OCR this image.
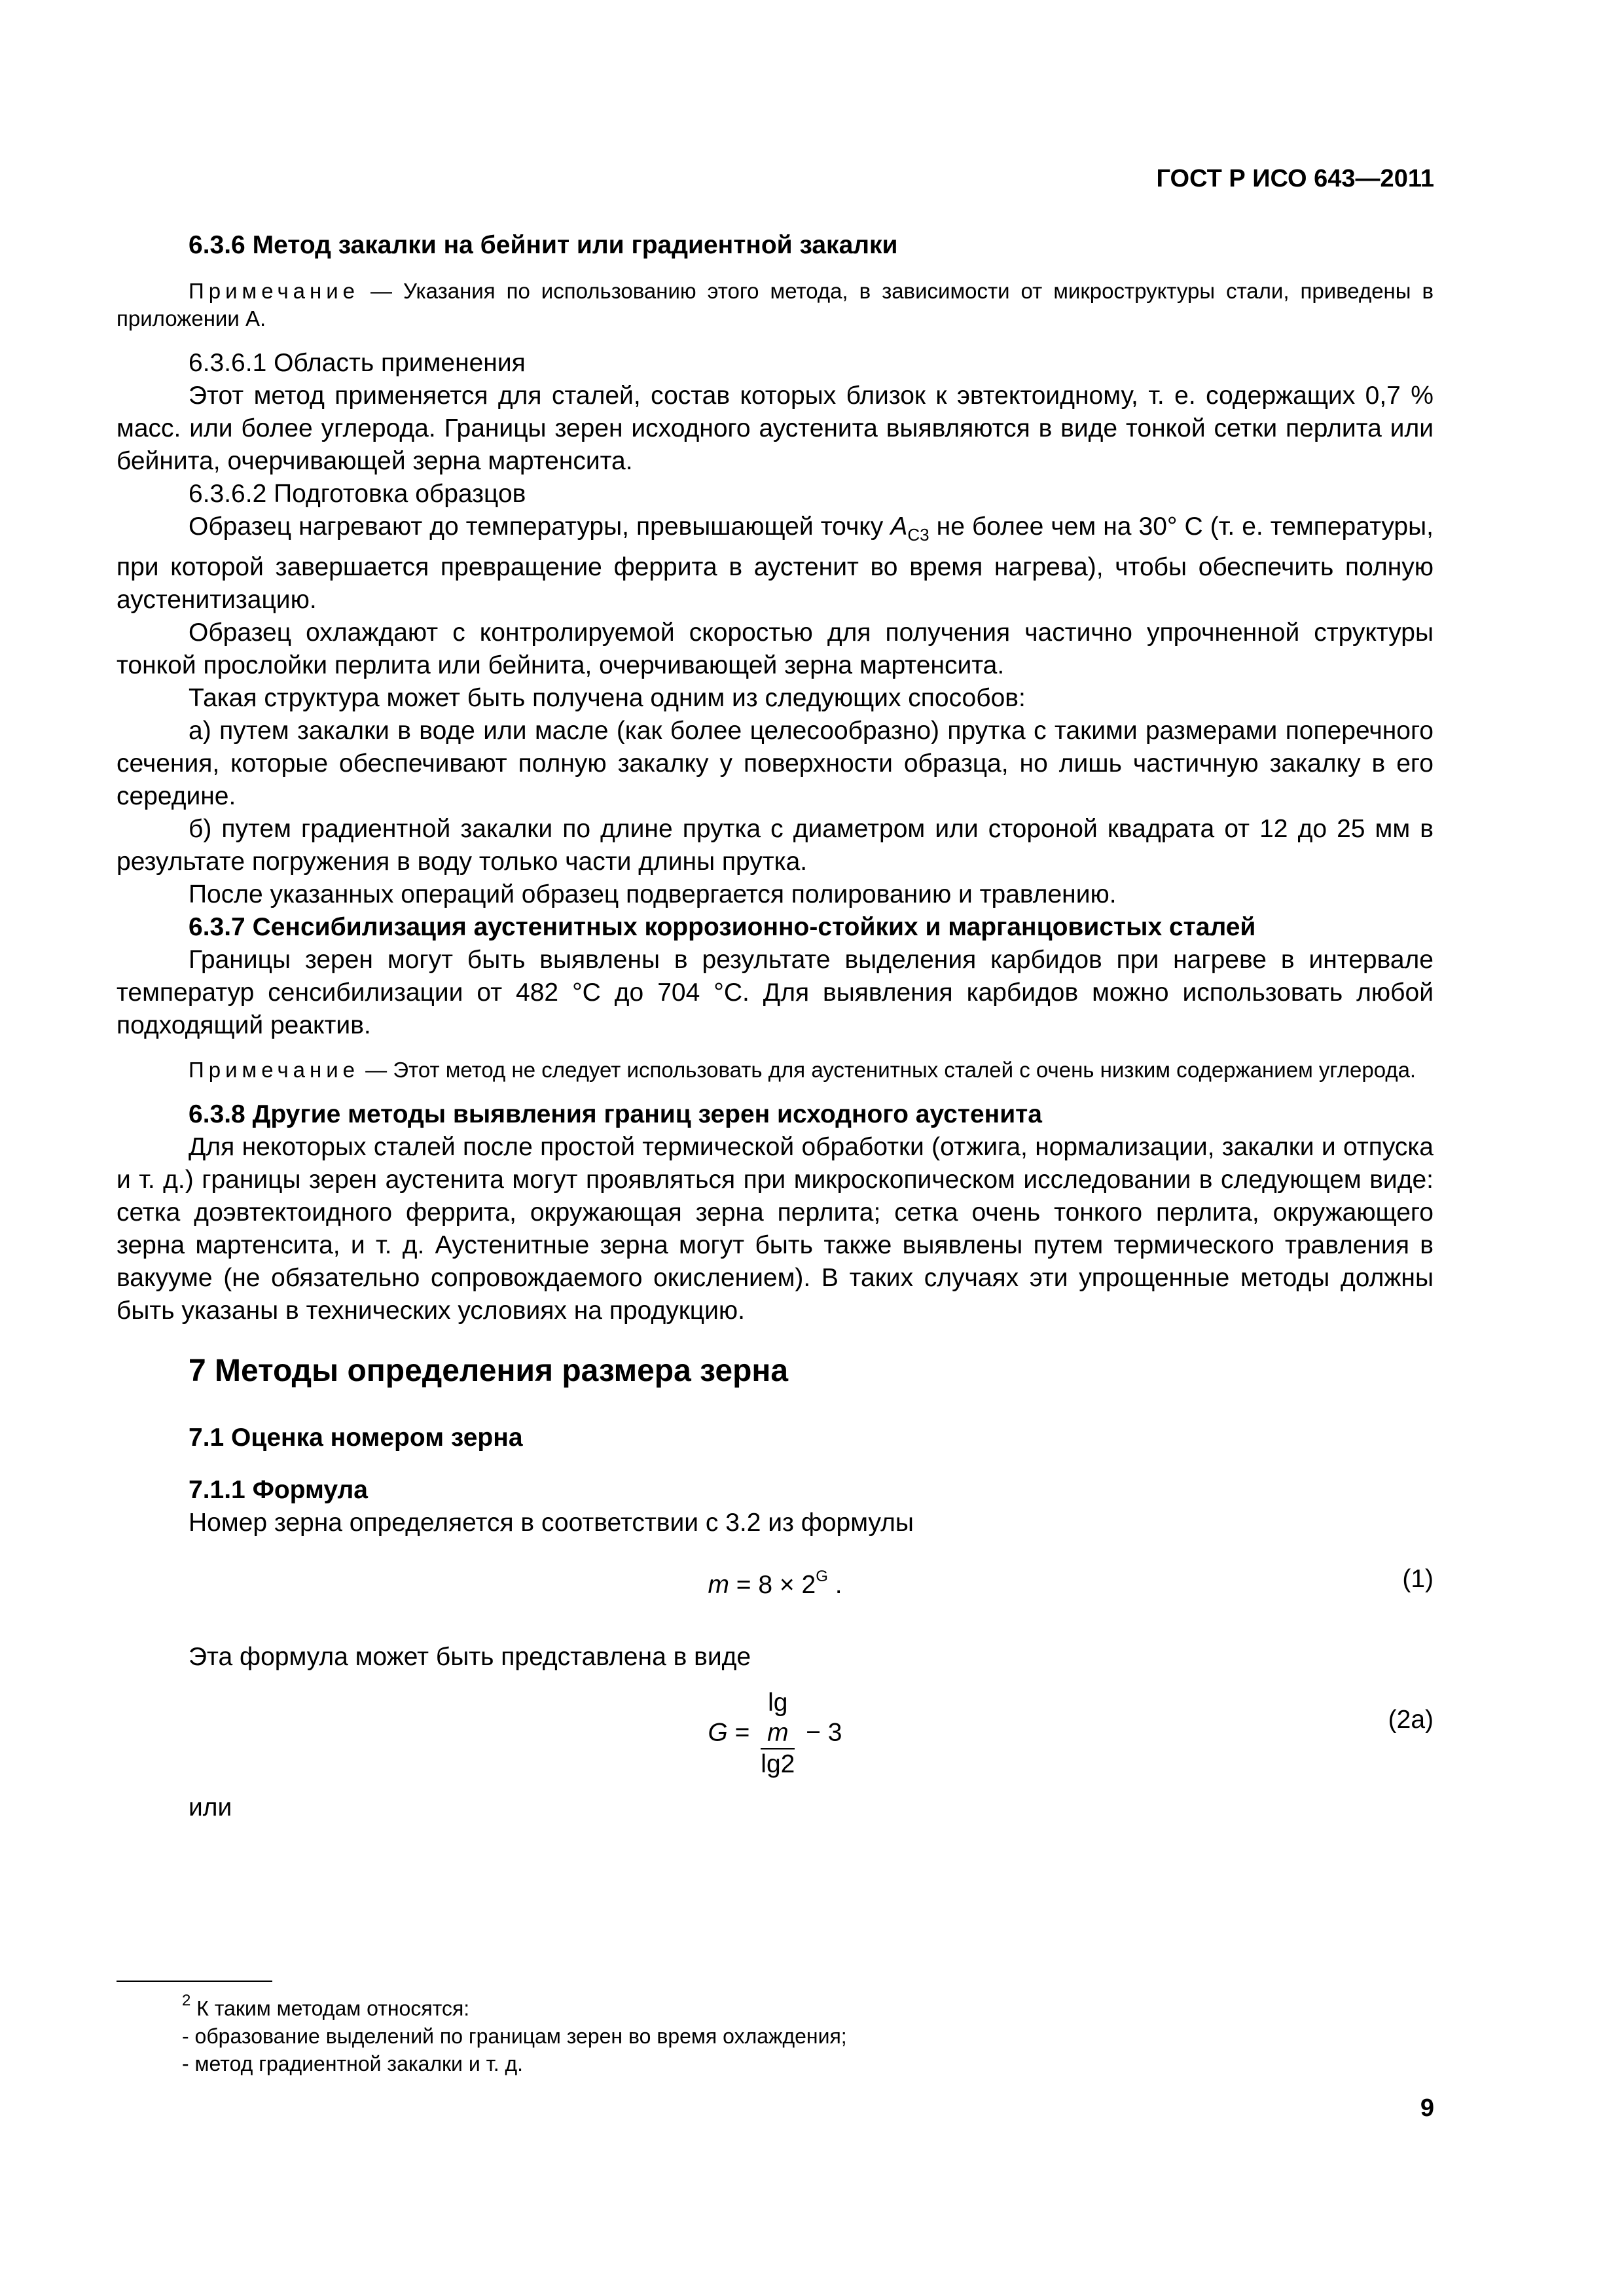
ГОСТ Р ИСО 643—2011

6.3.6 Метод закалки на бейнит или градиентной закалки

Примечание — Указания по использованию этого метода, в зависимости от микроструктуры стали, приведены в приложении А.

6.3.6.1 Область применения

Этот метод применяется для сталей, состав которых близок к эвтектоидному, т. е. содержащих 0,7 % масс. или более углерода. Границы зерен исходного аустенита выявляются в виде тонкой сетки перлита или бейнита, очерчивающей зерна мартенсита.

6.3.6.2 Подготовка образцов

Образец нагревают до температуры, превышающей точку $A_{C3}$ не более чем на 30° С (т. е. температуры, при которой завершается превращение феррита в аустенит во время нагрева), чтобы обеспечить полную аустенитизацию.

Образец охлаждают с контролируемой скоростью для получения частично упрочненной структуры тонкой прослойки перлита или бейнита, очерчивающей зерна мартенсита.

Такая структура может быть получена одним из следующих способов:

а) путем закалки в воде или масле (как более целесообразно) прутка с такими размерами поперечного сечения, которые обеспечивают полную закалку у поверхности образца, но лишь частичную закалку в его середине.

б) путем градиентной закалки по длине прутка с диаметром или стороной квадрата от 12 до 25 мм в результате погружения в воду только части длины прутка.

После указанных операций образец подвергается полированию и травлению.

6.3.7 Сенсибилизация аустенитных коррозионно-стойких и марганцовистых сталей

Границы зерен могут быть выявлены в результате выделения карбидов при нагреве в интервале температур сенсибилизации от 482 °С до 704 °С. Для выявления карбидов можно использовать любой подходящий реактив.

Примечание — Этот метод не следует использовать для аустенитных сталей с очень низким содержанием углерода.

6.3.8 Другие методы выявления границ зерен исходного аустенита

Для некоторых сталей после простой термической обработки (отжига, нормализации, закалки и отпуска и т. д.) границы зерен аустенита могут проявляться при микроскопическом исследовании в следующем виде: сетка доэвтектоидного феррита, окружающая зерна перлита; сетка очень тонкого перлита, окружающего зерна мартенсита, и т. д. Аустенитные зерна могут быть также выявлены путем термического травления в вакууме (не обязательно сопровождаемого окислением). В таких случаях эти упрощенные методы должны быть указаны в технических условиях на продукцию.

7 Методы определения размера зерна

7.1 Оценка номером зерна

7.1.1 Формула

Номер зерна определяется в соответствии с 3.2 из формулы

$m = 8 \times 2^G$ .	(1)

Эта формула может быть представлена в виде

G = lg
m
lg2 − 3	(2а)

или

$^2$ К таким методам относятся:

- образование выделений по границам зерен во время охлаждения;

- метод градиентной закалки и т. д.

9
